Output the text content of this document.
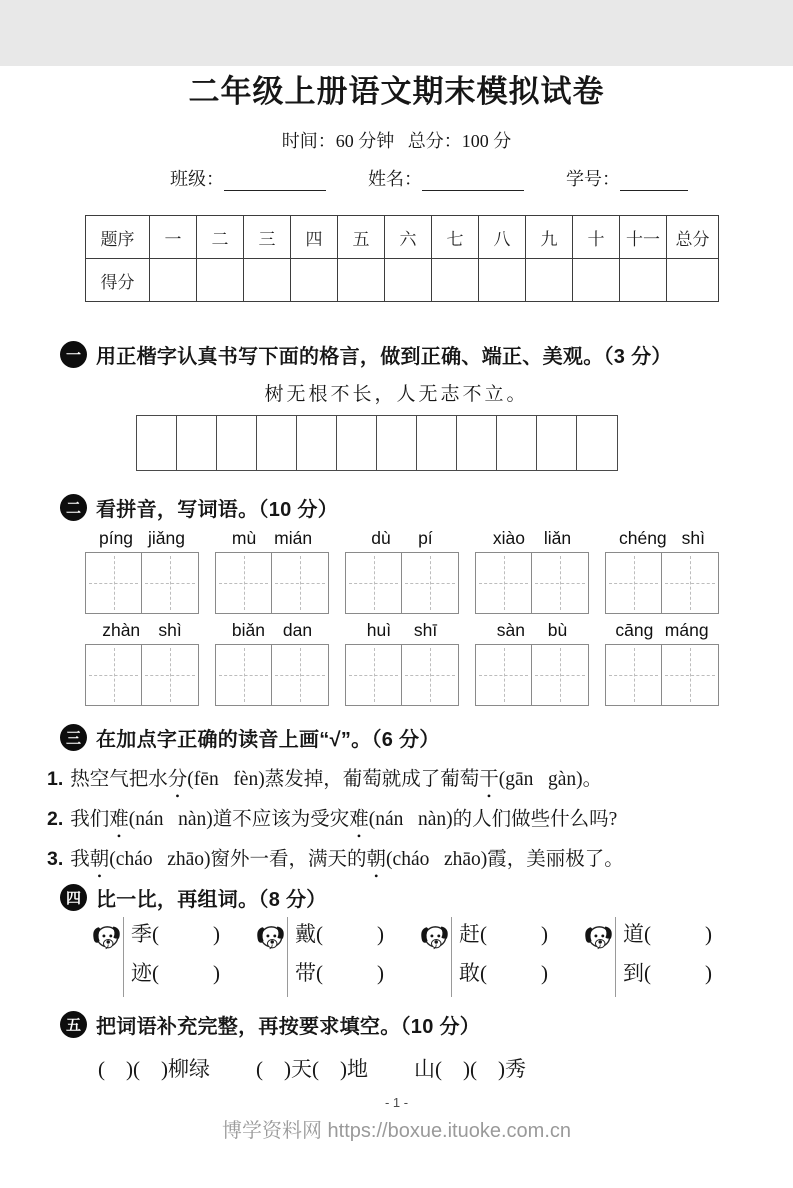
二年级上册语文期末模拟试卷
时间：60 分钟   总分：100 分
班级：	姓名：	学号：
题序	一	二	三	四	五	六	七	八	九	十	十一	总分
得分												
一 用正楷字认真书写下面的格言，做到正确、端正、美观。（3 分）
树无根不长，人无志不立。
二 看拼音，写词语。（10 分）
píng jiǎng	mù mián	dù pí	xiào liǎn	chéng shì
zhàn shì	biǎn dan	huì shī	sàn bù	cāng máng
三 在加点字正确的读音上画“√”。（6 分）
1. 热空气把水分(fēn   fèn)蒸发掉，葡萄就成了葡萄干(gān   gàn)。
2. 我们难(nán   nàn)道不应该为受灾难(nán   nàn)的人们做些什么吗?
3. 我朝(cháo   zhāo)窗外一看，满天的朝(cháo   zhāo)霞，美丽极了。
四 比一比，再组词。（8 分）
季(	)
迹(	)
戴(	)
带(	)
赶(	)
敢(	)
道(	)
到(	)
五 把词语补充完整，再按要求填空。（10 分）
(    )(    )柳绿 (    )天(    )地 山(    )(    )秀
- 1 -
博学资料网 https://boxue.ituoke.com.cn
